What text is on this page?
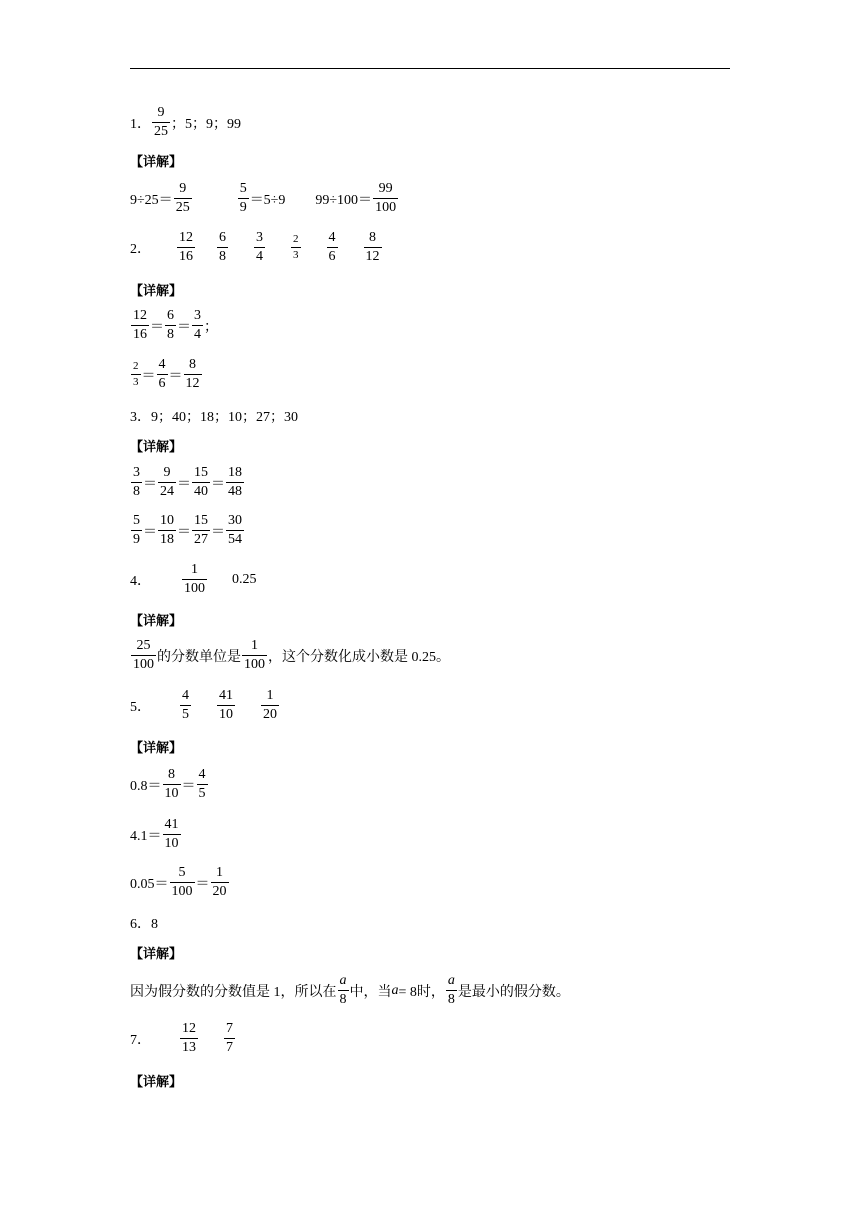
1． $\frac{9}{25}$ ；5；9；99
【详解】
$9\div 25= \frac{9}{25}$	$\frac{5}{9} =5\div 9$ $99\div 100= \frac{99}{100}$
2． $\frac{12}{16} \frac{6}{8} \frac{3}{4} \frac{2}{3} \frac{4}{6} \frac{8}{12}$
【详解】
$\frac{12}{16} = \frac{6}{8} = \frac{3}{4}$ ；
$\frac{2}{3} = \frac{4}{6} = \frac{8}{12}$
3．9；40；18；10；27；30
【详解】
$\frac{3}{8} = \frac{9}{24} = \frac{15}{40} = \frac{18}{48}$
$\frac{5}{9} = \frac{10}{18} = \frac{15}{27} = \frac{30}{54}$
4． $\frac{1}{100} 0.25$
【详解】
$\frac{25}{100}$ 的分数单位是 $\frac{1}{100}$ ，这个分数化成小数是 0.25。
5． $\frac{4}{5} \frac{41}{10} \frac{1}{20}$
【详解】
$0.8= \frac{8}{10} = \frac{4}{5}$
$4.1= \frac{41}{10}$
$0.05= \frac{5}{100} = \frac{1}{20}$
6．8
【详解】
因为假分数的分数值是 1，所以在 $\frac{a}{8}$ 中，当 a = 8时， $\frac{a}{8}$ 是最小的假分数。
7． $\frac{12}{13} \frac{7}{7}$
【详解】
